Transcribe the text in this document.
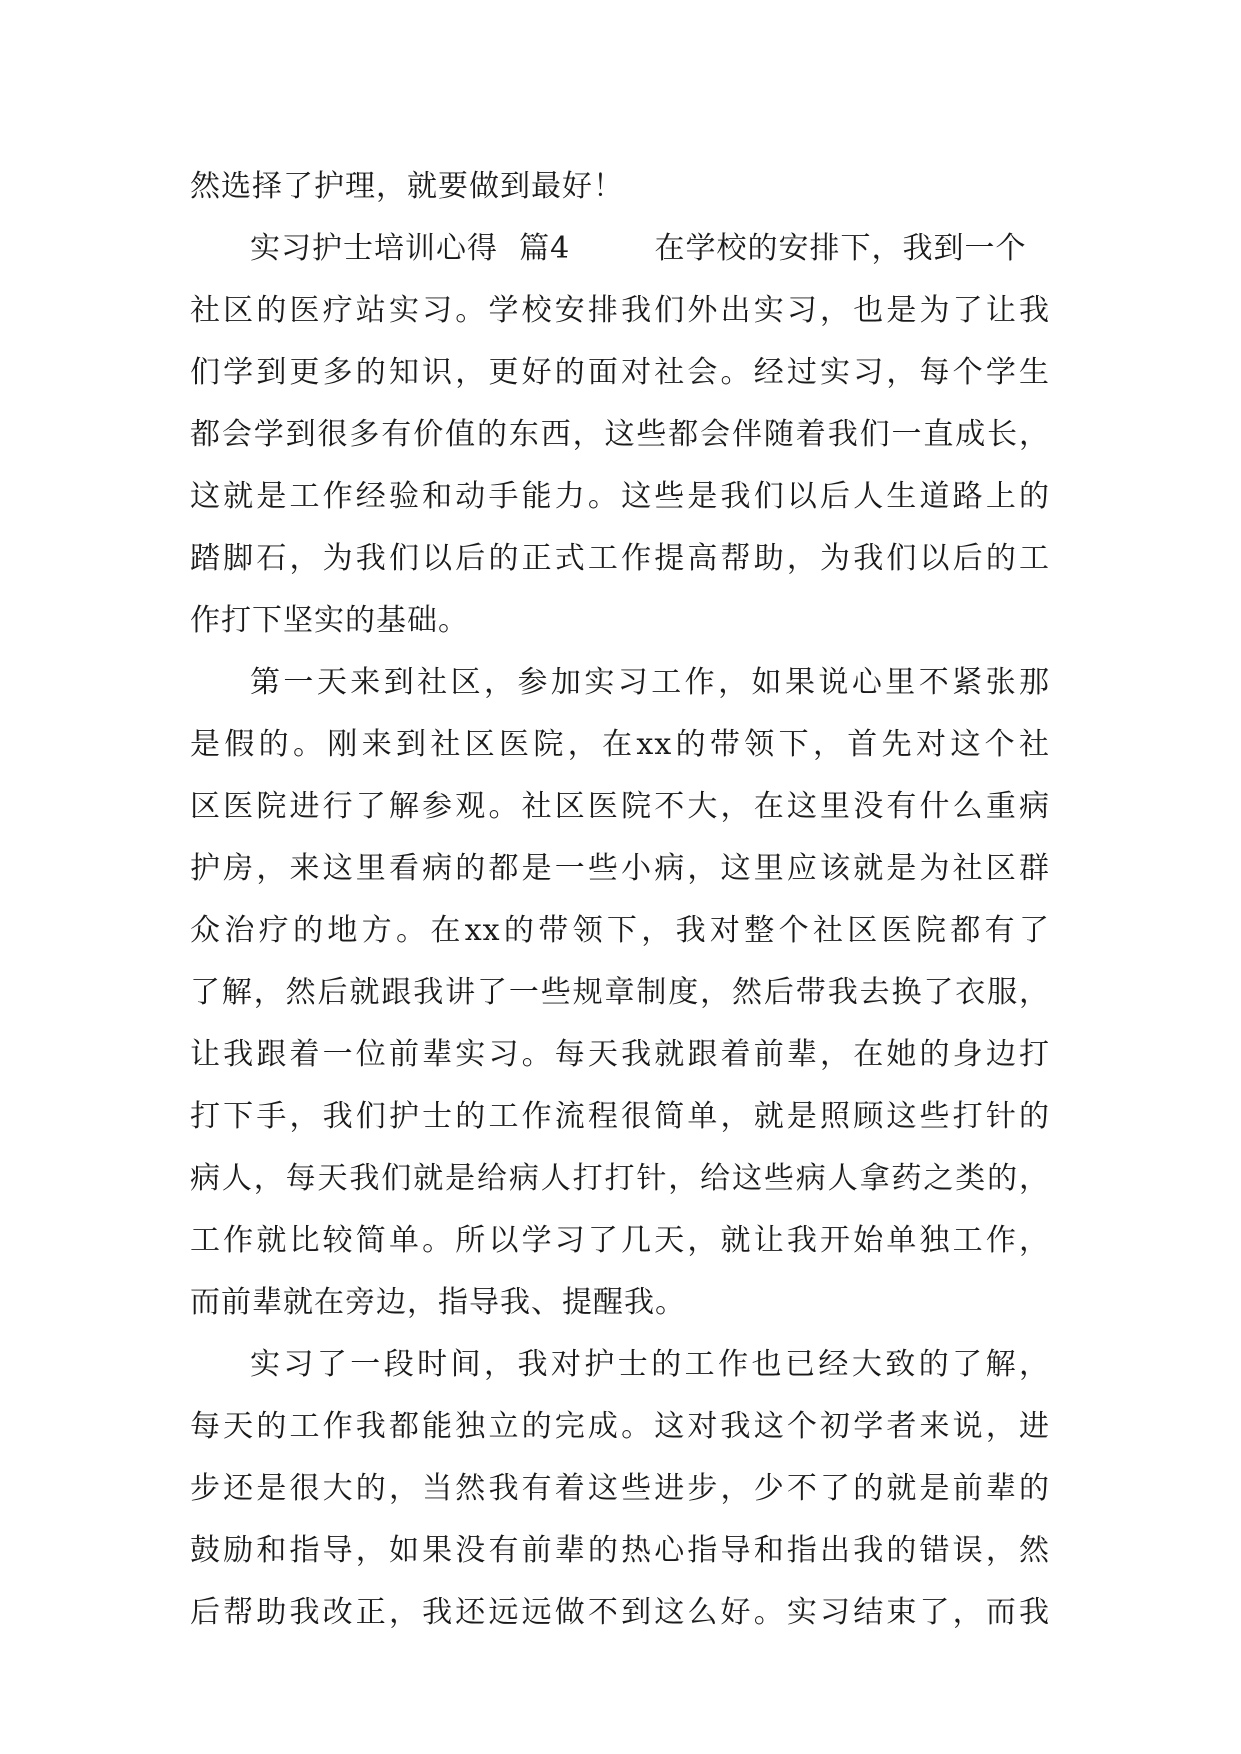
然选择了护理，就要做到最好！
实习护士培训心得  篇4        在学校的安排下，我到一个
社区的医疗站实习。学校安排我们外出实习，也是为了让我
们学到更多的知识，更好的面对社会。经过实习，每个学生
都会学到很多有价值的东西，这些都会伴随着我们一直成长，
这就是工作经验和动手能力。这些是我们以后人生道路上的
踏脚石，为我们以后的正式工作提高帮助，为我们以后的工
作打下坚实的基础。
第一天来到社区，参加实习工作，如果说心里不紧张那
是假的。刚来到社区医院，在xx的带领下，首先对这个社
区医院进行了解参观。社区医院不大，在这里没有什么重病
护房，来这里看病的都是一些小病，这里应该就是为社区群
众治疗的地方。在xx的带领下，我对整个社区医院都有了
了解，然后就跟我讲了一些规章制度，然后带我去换了衣服，
让我跟着一位前辈实习。每天我就跟着前辈，在她的身边打
打下手，我们护士的工作流程很简单，就是照顾这些打针的
病人，每天我们就是给病人打打针，给这些病人拿药之类的，
工作就比较简单。所以学习了几天，就让我开始单独工作，
而前辈就在旁边，指导我、提醒我。
实习了一段时间，我对护士的工作也已经大致的了解，
每天的工作我都能独立的完成。这对我这个初学者来说，进
步还是很大的，当然我有着这些进步，少不了的就是前辈的
鼓励和指导，如果没有前辈的热心指导和指出我的错误，然
后帮助我改正，我还远远做不到这么好。实习结束了，而我
